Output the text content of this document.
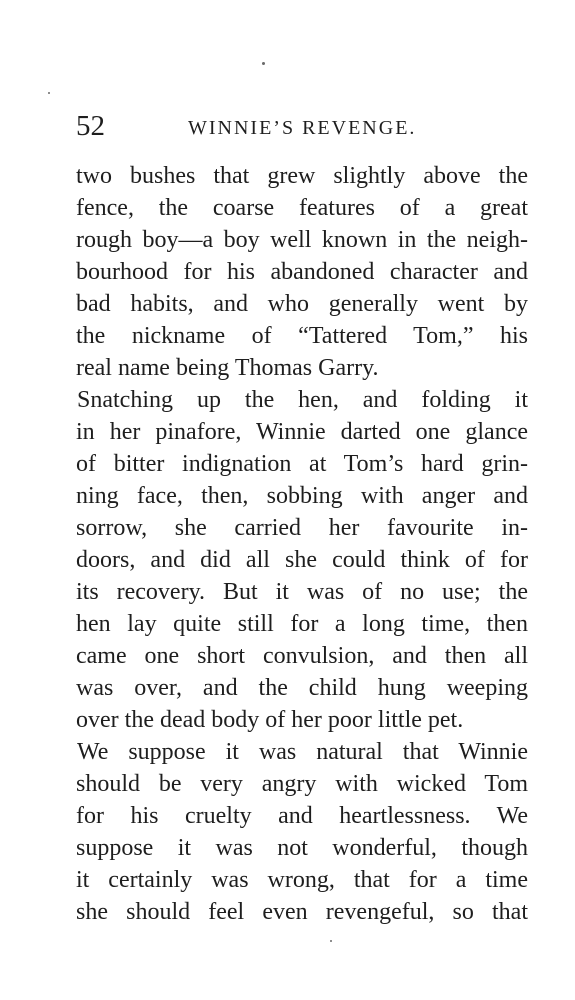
52	WINNIE’S REVENGE.
two bushes that grew slightly above the
fence, the coarse features of a great
rough boy—a boy well known in the neigh-
bourhood for his abandoned character and
bad habits, and who generally went by
the nickname of “Tattered Tom,” his
real name being Thomas Garry.
Snatching up the hen, and folding it
in her pinafore, Winnie darted one glance
of bitter indignation at Tom’s hard grin-
ning face, then, sobbing with anger and
sorrow, she carried her favourite in-
doors, and did all she could think of for
its recovery. But it was of no use; the
hen lay quite still for a long time, then
came one short convulsion, and then all
was over, and the child hung weeping
over the dead body of her poor little pet.
We suppose it was natural that Winnie
should be very angry with wicked Tom
for his cruelty and heartlessness. We
suppose it was not wonderful, though
it certainly was wrong, that for a time
she should feel even revengeful, so that
